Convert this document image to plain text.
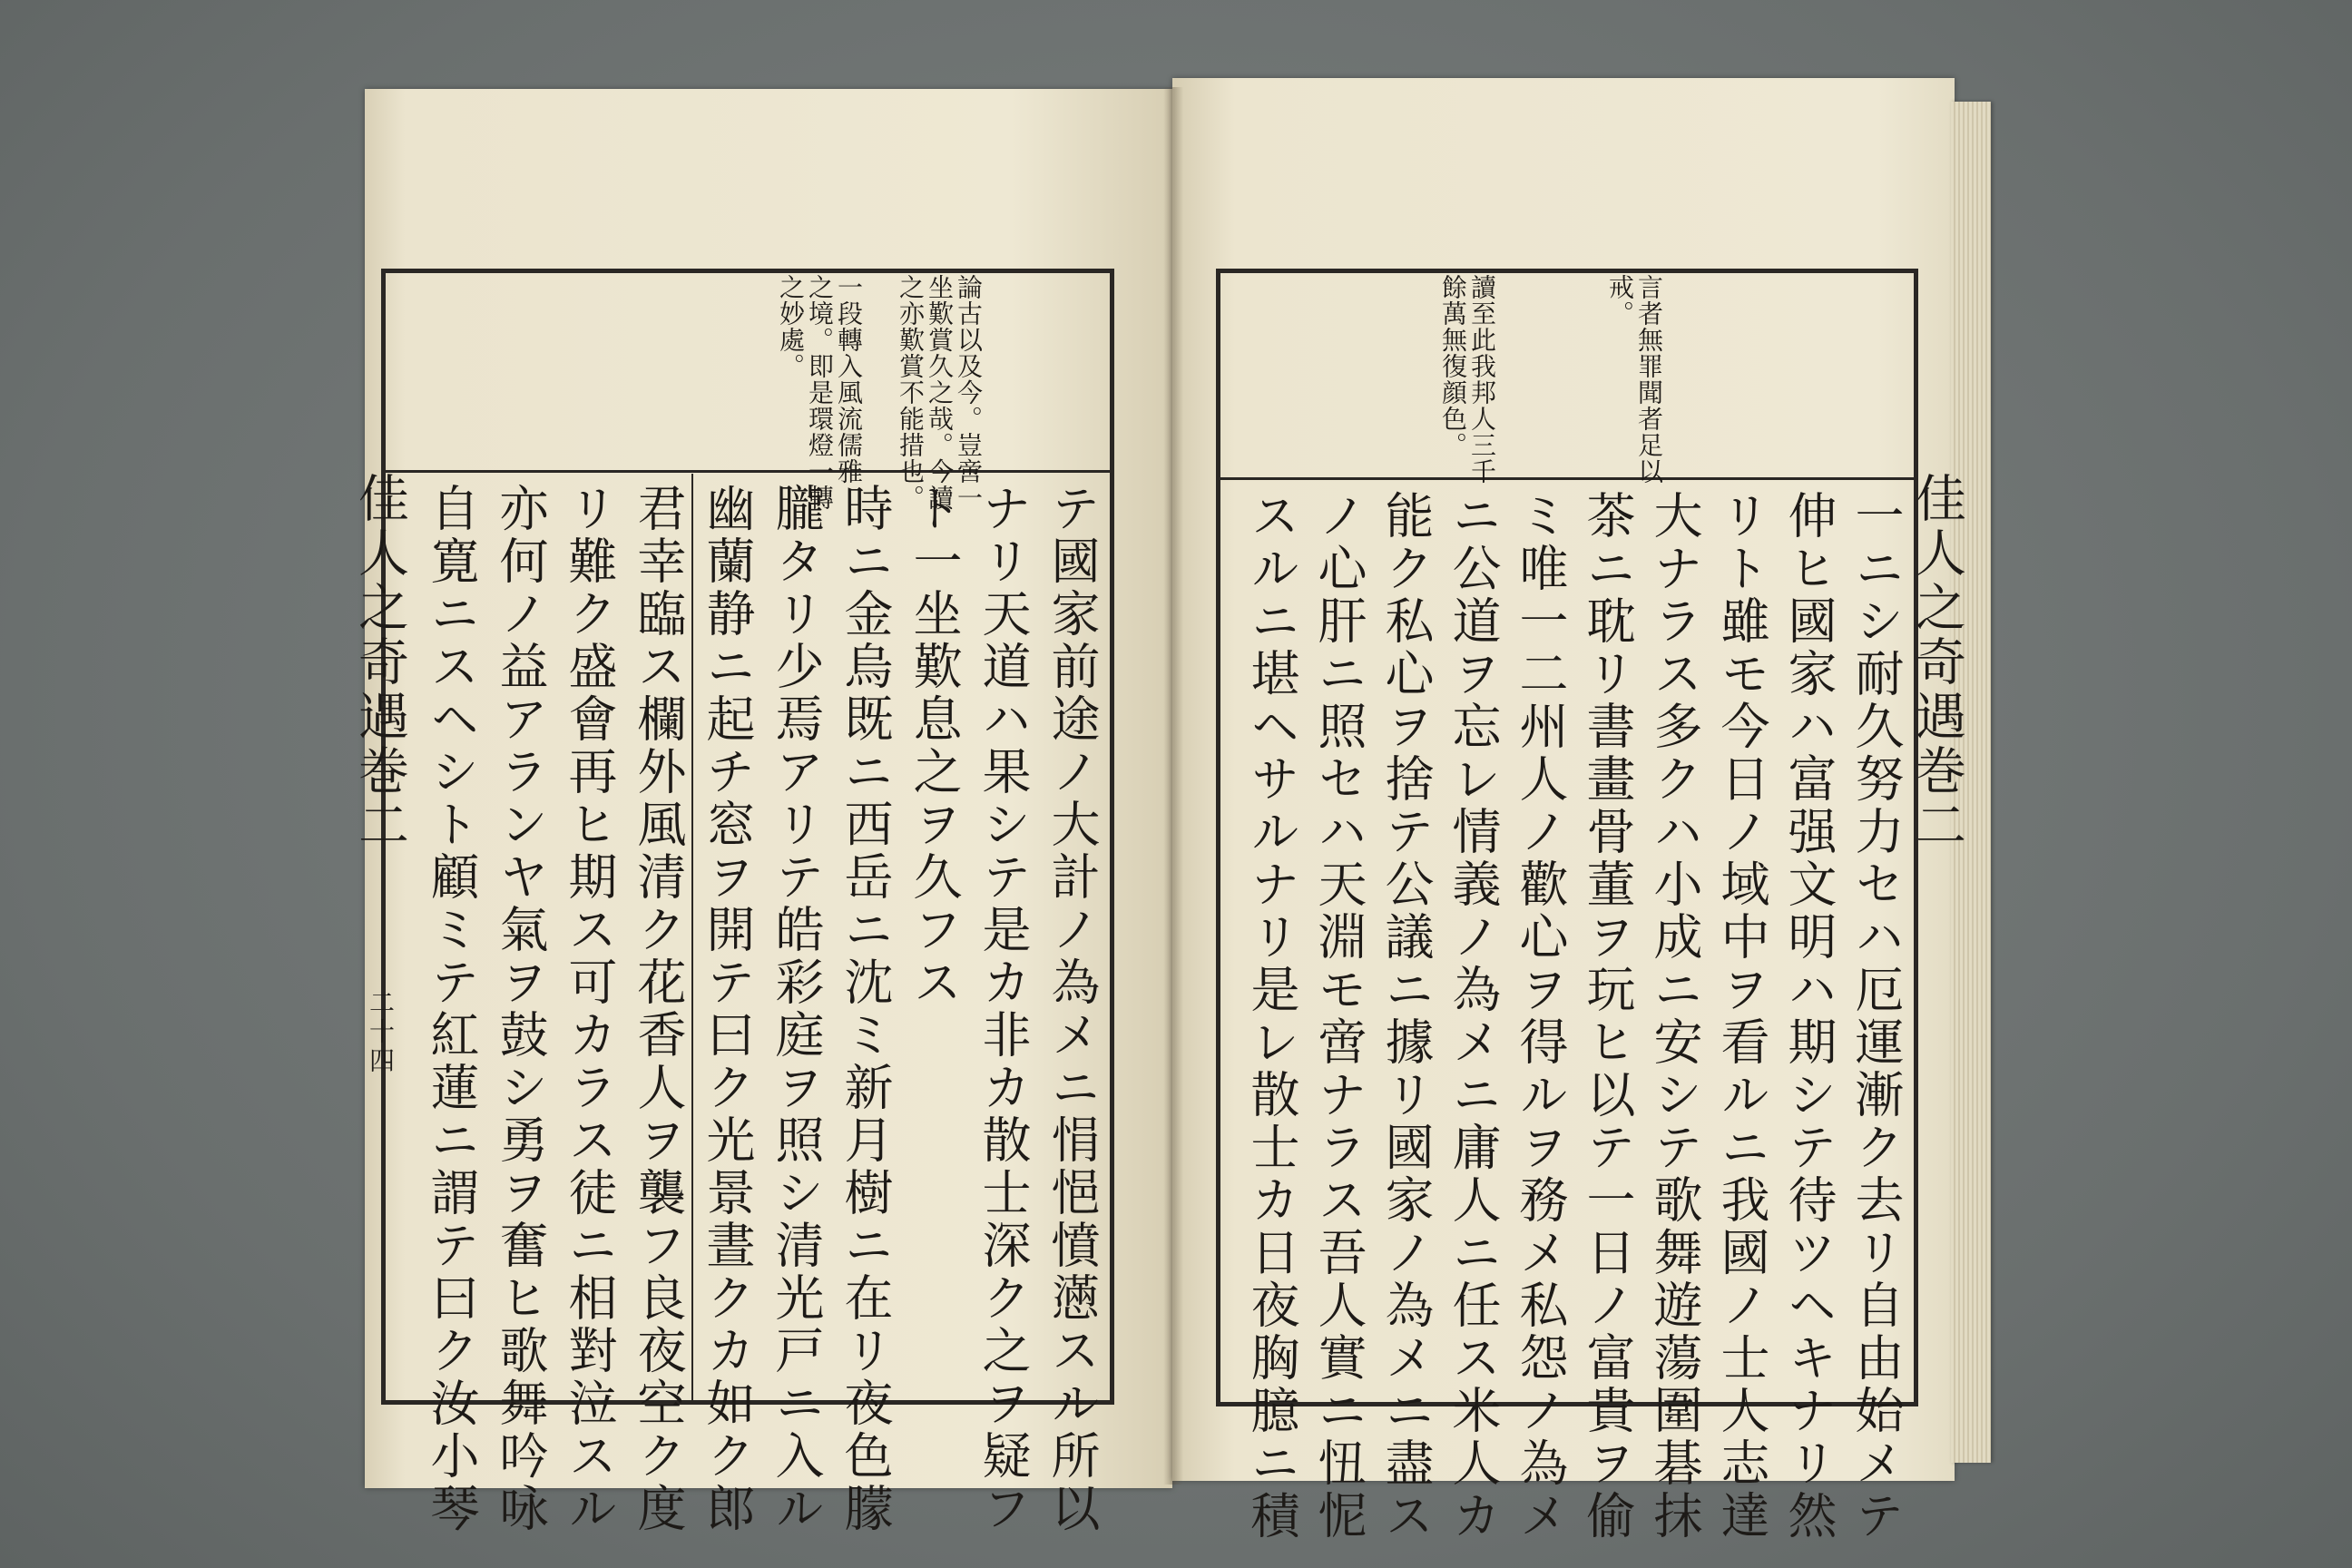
佳人之奇遇巻二
二十四
論古以及今。豈啻一
坐歎賞久之哉。今讀
之亦歎賞不能措也。
一段轉入風流儒雅
之境。即是環燈一轉
之妙處。
テ國家前途ノ大計ノ為メニ悁悒憤懣スル所以
ナリ天道ハ果シテ是カ非カ散士深ク之ヲ疑フ
ト一坐歎息之ヲ久フス
時ニ金烏既ニ西岳ニ沈ミ新月樹ニ在リ夜色朦
朧タリ少焉アリテ皓彩庭ヲ照シ清光戸ニ入ル
幽蘭静ニ起チ窓ヲ開テ曰ク光景晝クカ如ク郎
君幸臨ス欄外風清ク花香人ヲ襲フ良夜空ク度
リ難ク盛會再ヒ期ス可カラス徒ニ相對泣スル
亦何ノ益アランヤ氣ヲ鼓シ勇ヲ奮ヒ歌舞吟咏
自寛ニスヘシト顧ミテ紅蓮ニ謂テ曰ク汝小琴	佳人之奇遇巻二
言者無罪聞者足以
戒。
讀至此我邦人三千
餘萬無復顔色。
一ニシ耐久努力セハ厄運漸ク去リ自由始メテ
伸ヒ國家ハ富强文明ハ期シテ待ツヘキナリ然
リト雖モ今日ノ域中ヲ看ルニ我國ノ士人志達
大ナラス多クハ小成ニ安シテ歌舞遊蕩圍碁抹
茶ニ耽リ書畫骨董ヲ玩ヒ以テ一日ノ富貴ヲ偷
ミ唯一二州人ノ歡心ヲ得ルヲ務メ私怨ノ為メ
ニ公道ヲ忘レ情義ノ為メニ庸人ニ任ス米人カ
能ク私心ヲ捨テ公議ニ據リ國家ノ為メニ盡ス
ノ心肝ニ照セハ天淵モ啻ナラス吾人實ニ忸怩
スルニ堪ヘサルナリ是レ散士カ日夜胸臆ニ積
